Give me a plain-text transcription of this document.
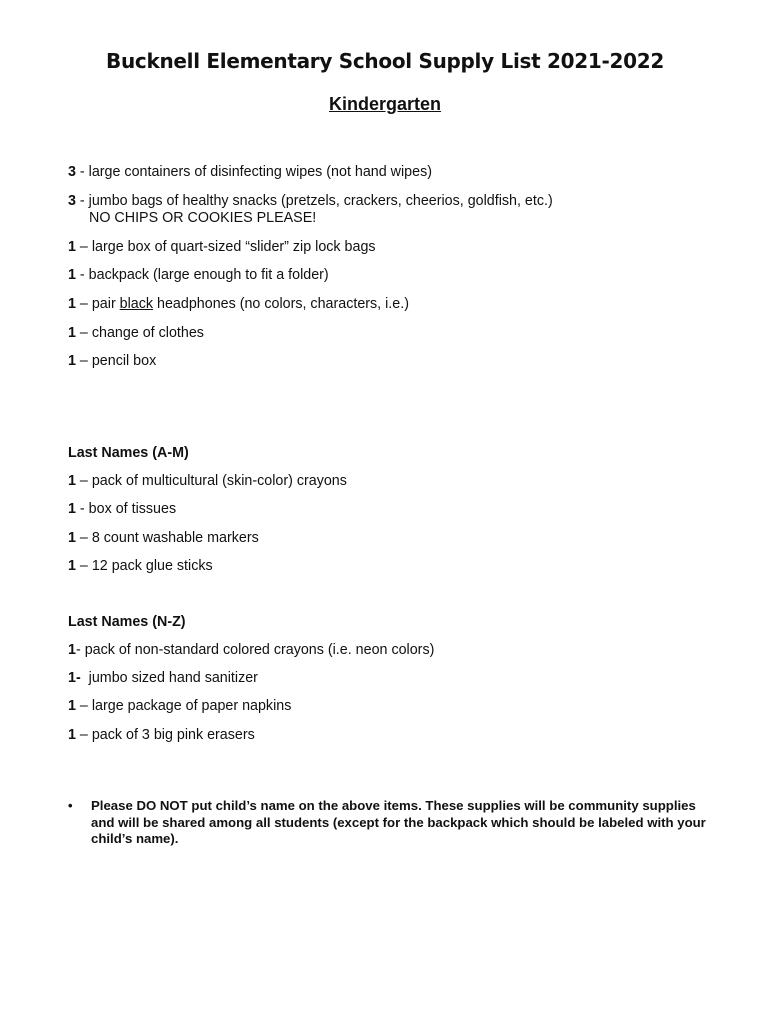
Bucknell Elementary School Supply List 2021-2022
Kindergarten
3 - large containers of disinfecting wipes (not hand wipes)
3 - jumbo bags of healthy snacks (pretzels, crackers, cheerios, goldfish, etc.)
NO CHIPS OR COOKIES PLEASE!
1 – large box of quart-sized “slider” zip lock bags
1 - backpack (large enough to fit a folder)
1 – pair black headphones (no colors, characters, i.e.)
1 – change of clothes
1 – pencil box
Last Names (A-M)
1 – pack of multicultural (skin-color) crayons
1 - box of tissues
1 – 8 count washable markers
1 – 12 pack glue sticks
Last Names (N-Z)
1- pack of non-standard colored crayons (i.e. neon colors)
1- jumbo sized hand sanitizer
1 – large package of paper napkins
1 – pack of 3 big pink erasers
• Please DO NOT put child’s name on the above items. These supplies will be community supplies and will be shared among all students (except for the backpack which should be labeled with your child’s name).
